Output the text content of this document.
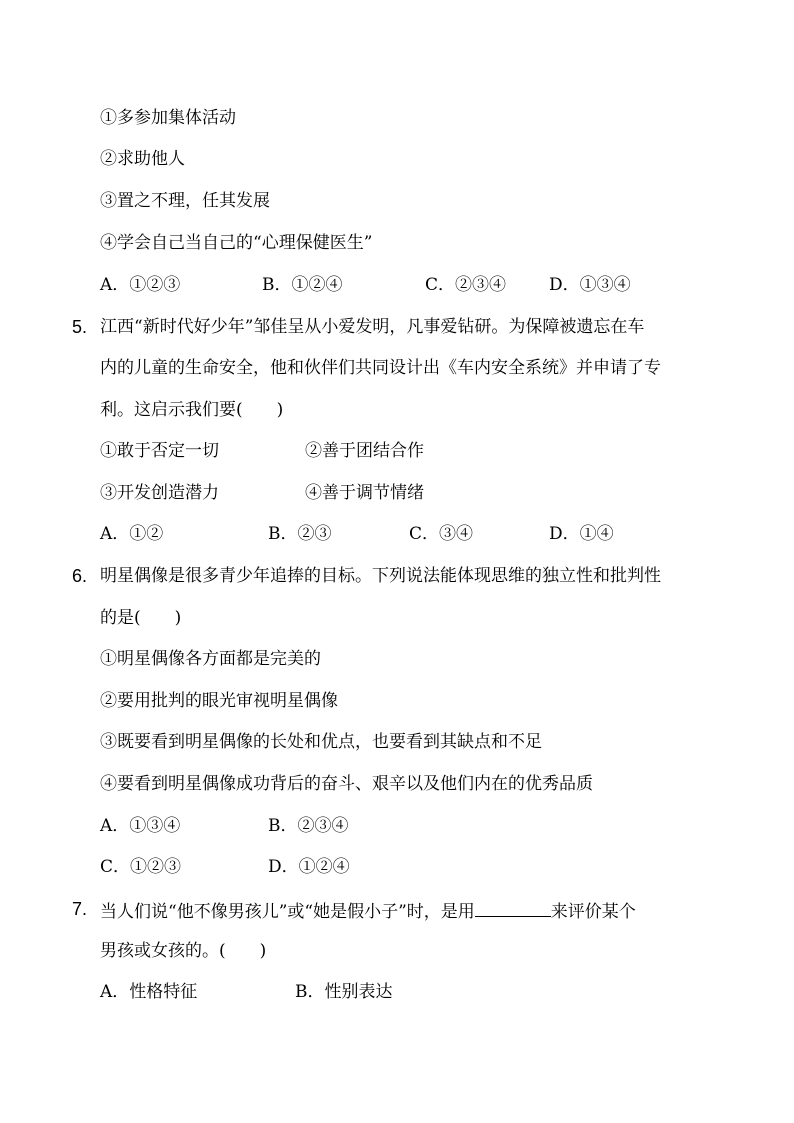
①多参加集体活动
②求助他人
③置之不理，任其发展
④学会自己当自己的“心理保健医生”
A．①②③	B．①②④	C．②③④	D．①③④
5. 江西“新时代好少年”邹佳呈从小爱发明，凡事爱钻研。为保障被遗忘在车
内的儿童的生命安全，他和伙伴们共同设计出《车内安全系统》并申请了专
利。这启示我们要(　　)
①敢于否定一切	②善于团结合作
③开发创造潜力	④善于调节情绪
A．①②	B．②③	C．③④	D．①④
6. 明星偶像是很多青少年追捧的目标。下列说法能体现思维的独立性和批判性
的是(　　)
①明星偶像各方面都是完美的
②要用批判的眼光审视明星偶像
③既要看到明星偶像的长处和优点，也要看到其缺点和不足
④要看到明星偶像成功背后的奋斗、艰辛以及他们内在的优秀品质
A．①③④	B．②③④
C．①②③	D．①②④
7. 当人们说“他不像男孩儿”或“她是假小子”时，是用	来评价某个
男孩或女孩的。(　　)
A．性格特征	B．性别表达
